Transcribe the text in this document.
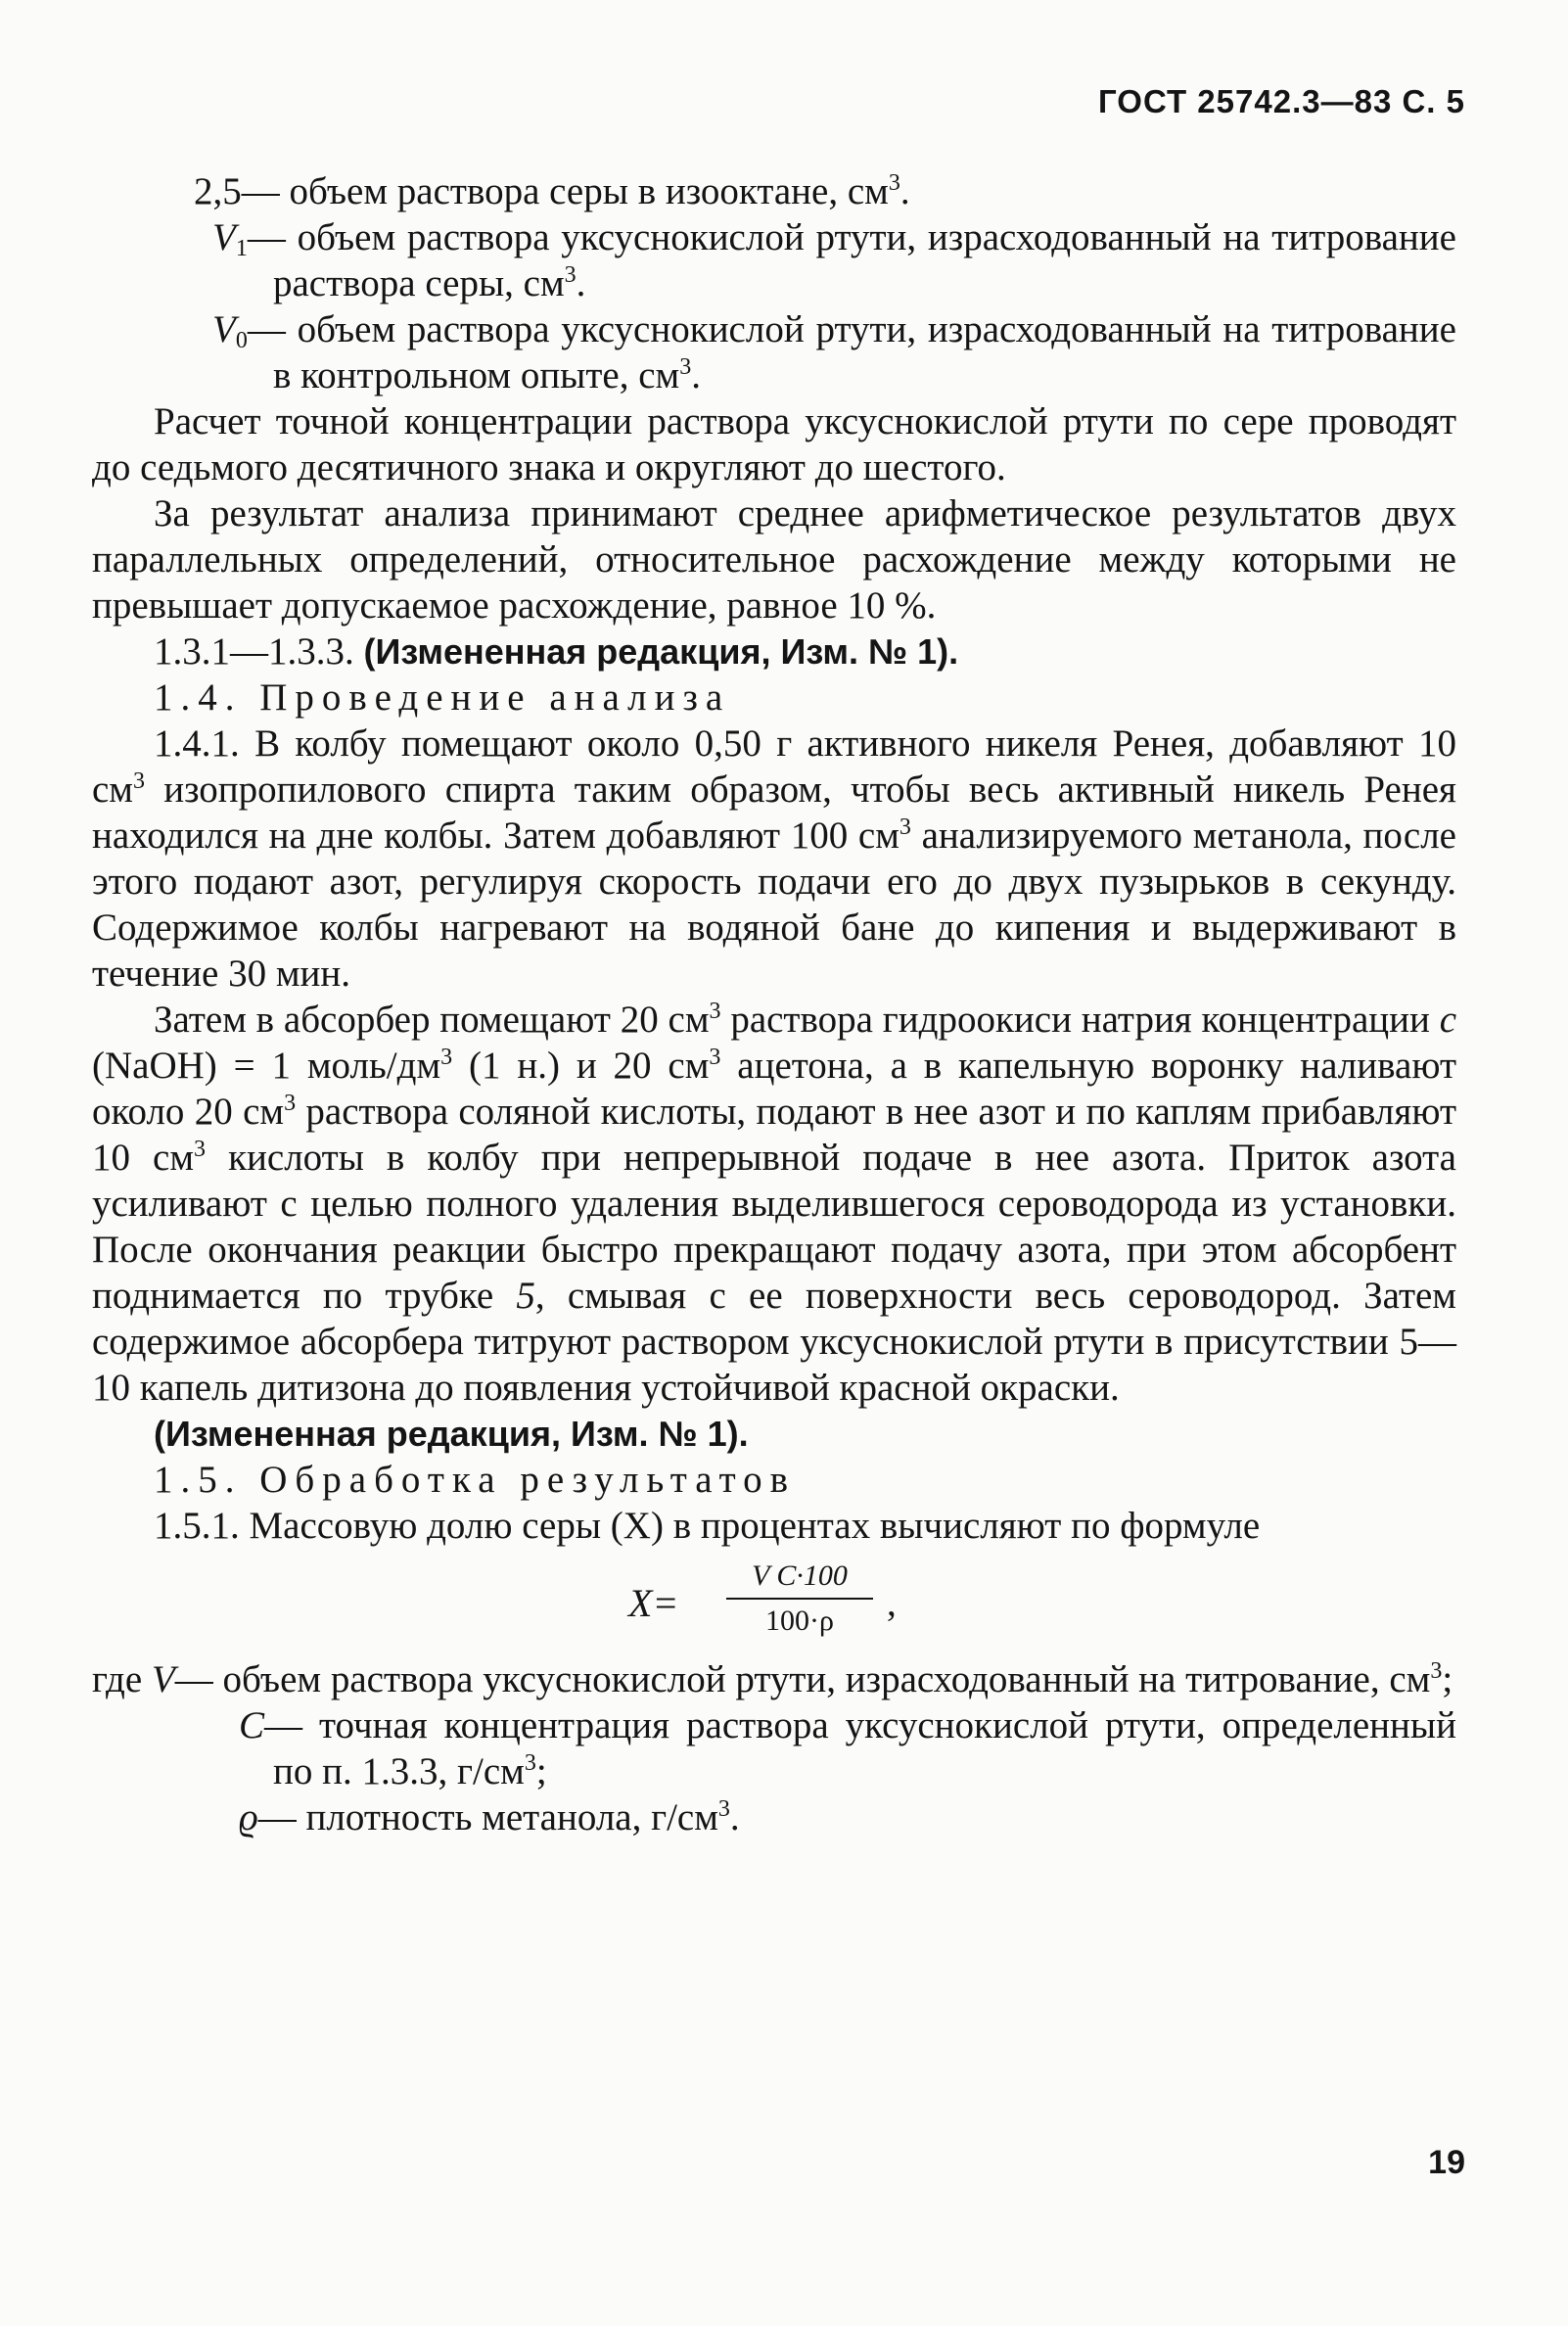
ГОСТ 25742.3—83 С. 5

2,5— объем раствора серы в изооктане, $см^3$.

$V_1—$ объем раствора уксуснокислой ртути, израсходованный на титрование раствора серы, $см^3$.

$V_0—$ объем раствора уксуснокислой ртути, израсходованный на титрование в контрольном опыте, $см^3$.

Расчет точной концентрации раствора уксуснокислой ртути по сере проводят до седьмого десятичного знака и округляют до шестого.

За результат анализа принимают среднее арифметическое результатов двух параллельных определений, относительное расхождение между которыми не превышает допускаемое расхождение, равное 10 %.

1.3.1—1.3.3. (Измененная редакция, Изм. № 1).

1.4. Проведение анализа

1.4.1. В колбу помещают около 0,50 г активного никеля Ренея, добавляют 10 $см^3$ изопропилового спирта таким образом, чтобы весь активный никель Ренея находился на дне колбы. Затем добавляют 100 $см^3$ анализируемого метанола, после этого подают азот, регулируя скорость подачи его до двух пузырьков в секунду. Содержимое колбы нагревают на водяной бане до кипения и выдерживают в течение 30 мин.

Затем в абсорбер помещают 20 $см^3$ раствора гидроокиси натрия концентрации c (NaOH) = 1 моль/$дм^3$ (1 н.) и 20 $см^3$ ацетона, а в капельную воронку наливают около 20 $см^3$ раствора соляной кислоты, подают в нее азот и по каплям прибавляют 10 $см^3$ кислоты в колбу при непрерывной подаче в нее азота. Приток азота усиливают с целью полного удаления выделившегося сероводорода из установки. После окончания реакции быстро прекращают подачу азота, при этом абсорбент поднимается по трубке 5, смывая с ее поверхности весь сероводород. Затем содержимое абсорбера титруют раствором уксуснокислой ртути в присутствии 5—10 капель дитизона до появления устойчивой красной окраски.

(Измененная редакция, Изм. № 1).

1.5. Обработка результатов

1.5.1. Массовую долю серы (X) в процентах вычисляют по формуле

X=
V C·100
100·ρ	,

где V— объем раствора уксуснокислой ртути, израсходованный на титрование, $см^3$;

C— точная концентрация раствора уксуснокислой ртути, определенный по п. 1.3.3, $г/см^3$;

ϱ— плотность метанола, $г/см^3$.

19
